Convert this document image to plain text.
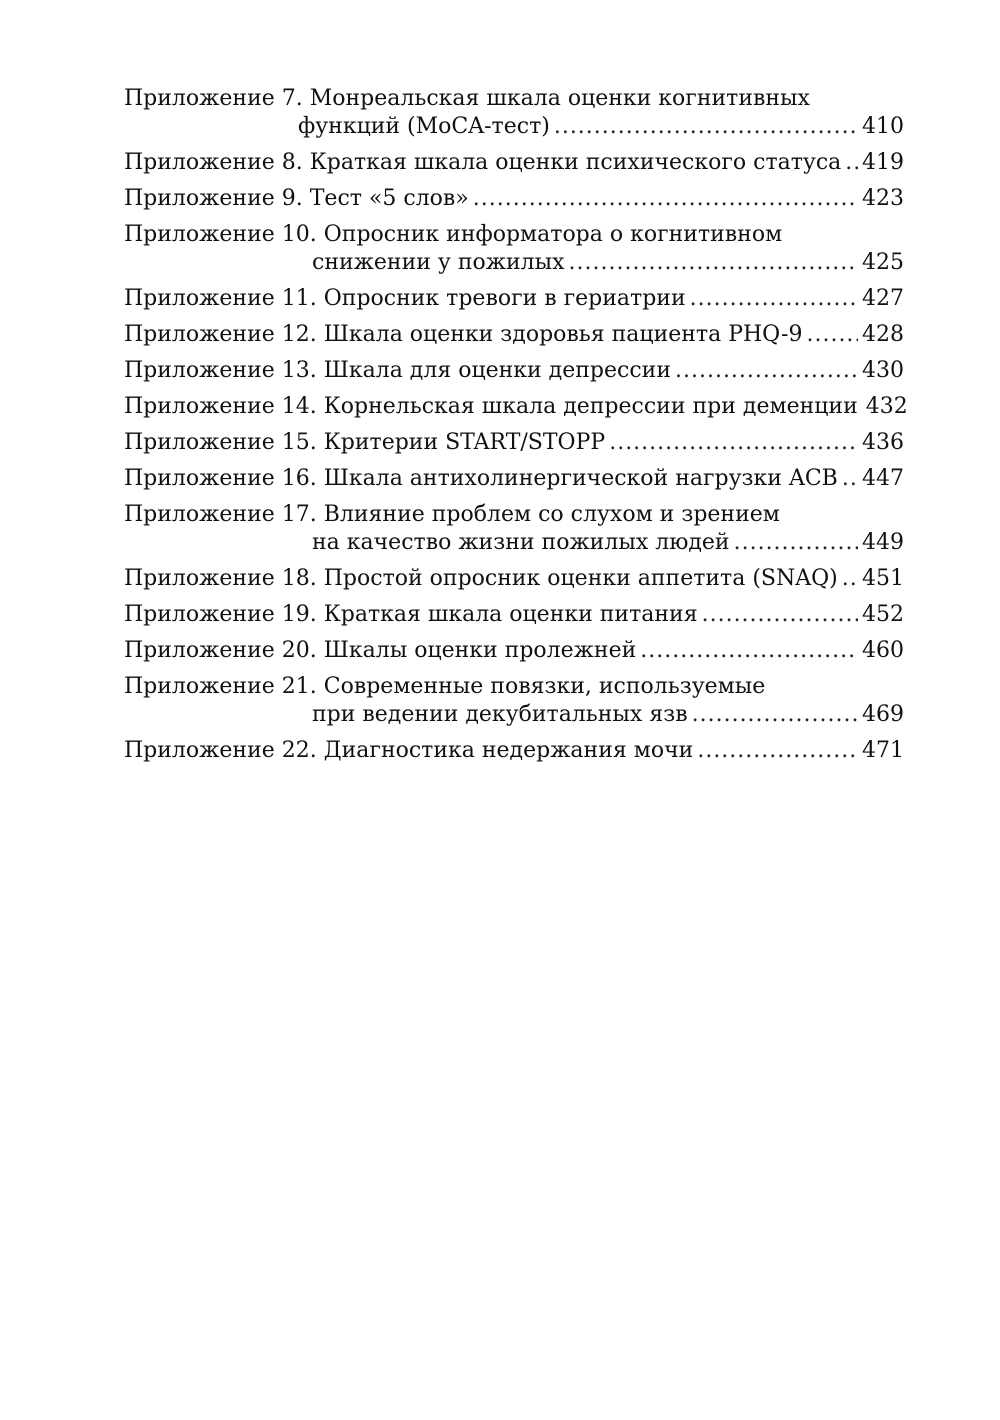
Приложение 7. Монреальская шкала оценки когнитивных
функций (MoCA-тест) .....	410
Приложение 8. Краткая шкала оценки психического статуса ..... 419
Приложение 9. Тест «5 слов» .....	423
Приложение 10. Опросник информатора о когнитивном
снижении у пожилых .....	425
Приложение 11. Опросник тревоги в гериатрии .....	427
Приложение 12. Шкала оценки здоровья пациента PHQ-9 .....	428
Приложение 13. Шкала для оценки депрессии .....	430
Приложение 14. Корнельская шкала депрессии при деменции 432
Приложение 15. Критерии START/STOPP .....	436
Приложение 16. Шкала антихолинергической нагрузки ACB ..... 447
Приложение 17. Влияние проблем со слухом и зрением
на качество жизни пожилых людей .....	449
Приложение 18. Простой опросник оценки аппетита (SNAQ) ..... 451
Приложение 19. Краткая шкала оценки питания .....	452
Приложение 20. Шкалы оценки пролежней .....	460
Приложение 21. Современные повязки, используемые
при ведении декубитальных язв .....	469
Приложение 22. Диагностика недержания мочи .....	471
